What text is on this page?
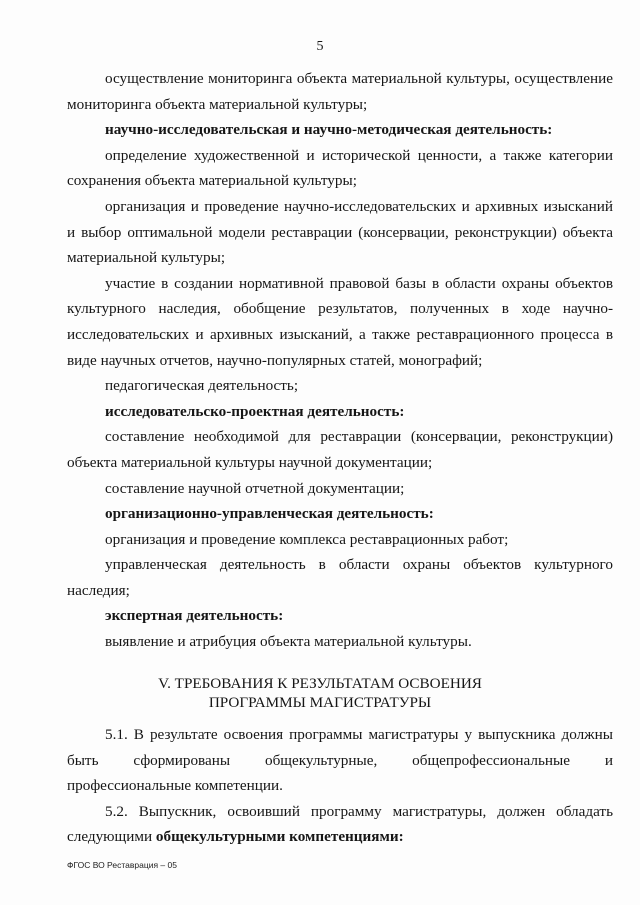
5

осуществление мониторинга объекта материальной культуры, осуществление мониторинга объекта материальной культуры;

научно-исследовательская и научно-методическая деятельность:

определение художественной и исторической ценности, а также категории сохранения объекта материальной культуры;

организация и проведение научно-исследовательских и архивных изысканий и выбор оптимальной модели реставрации (консервации, реконструкции) объекта материальной культуры;

участие в создании нормативной правовой базы в области охраны объектов культурного наследия, обобщение результатов, полученных в ходе научно-исследовательских и архивных изысканий, а также реставрационного процесса в виде научных отчетов, научно-популярных статей, монографий;

педагогическая деятельность;

исследовательско-проектная деятельность:

составление необходимой для реставрации (консервации, реконструкции) объекта материальной культуры научной документации;

составление научной отчетной документации;

организационно-управленческая деятельность:

организация и проведение комплекса реставрационных работ;

управленческая деятельность в области охраны объектов культурного наследия;

экспертная деятельность:

выявление и атрибуция объекта материальной культуры.

V. ТРЕБОВАНИЯ К РЕЗУЛЬТАТАМ ОСВОЕНИЯ
ПРОГРАММЫ МАГИСТРАТУРЫ

5.1. В результате освоения программы магистратуры у выпускника должны быть сформированы общекультурные, общепрофессиональные и профессиональные компетенции.

5.2. Выпускник, освоивший программу магистратуры, должен обладать следующими общекультурными компетенциями:

ФГОС ВО Реставрация – 05
